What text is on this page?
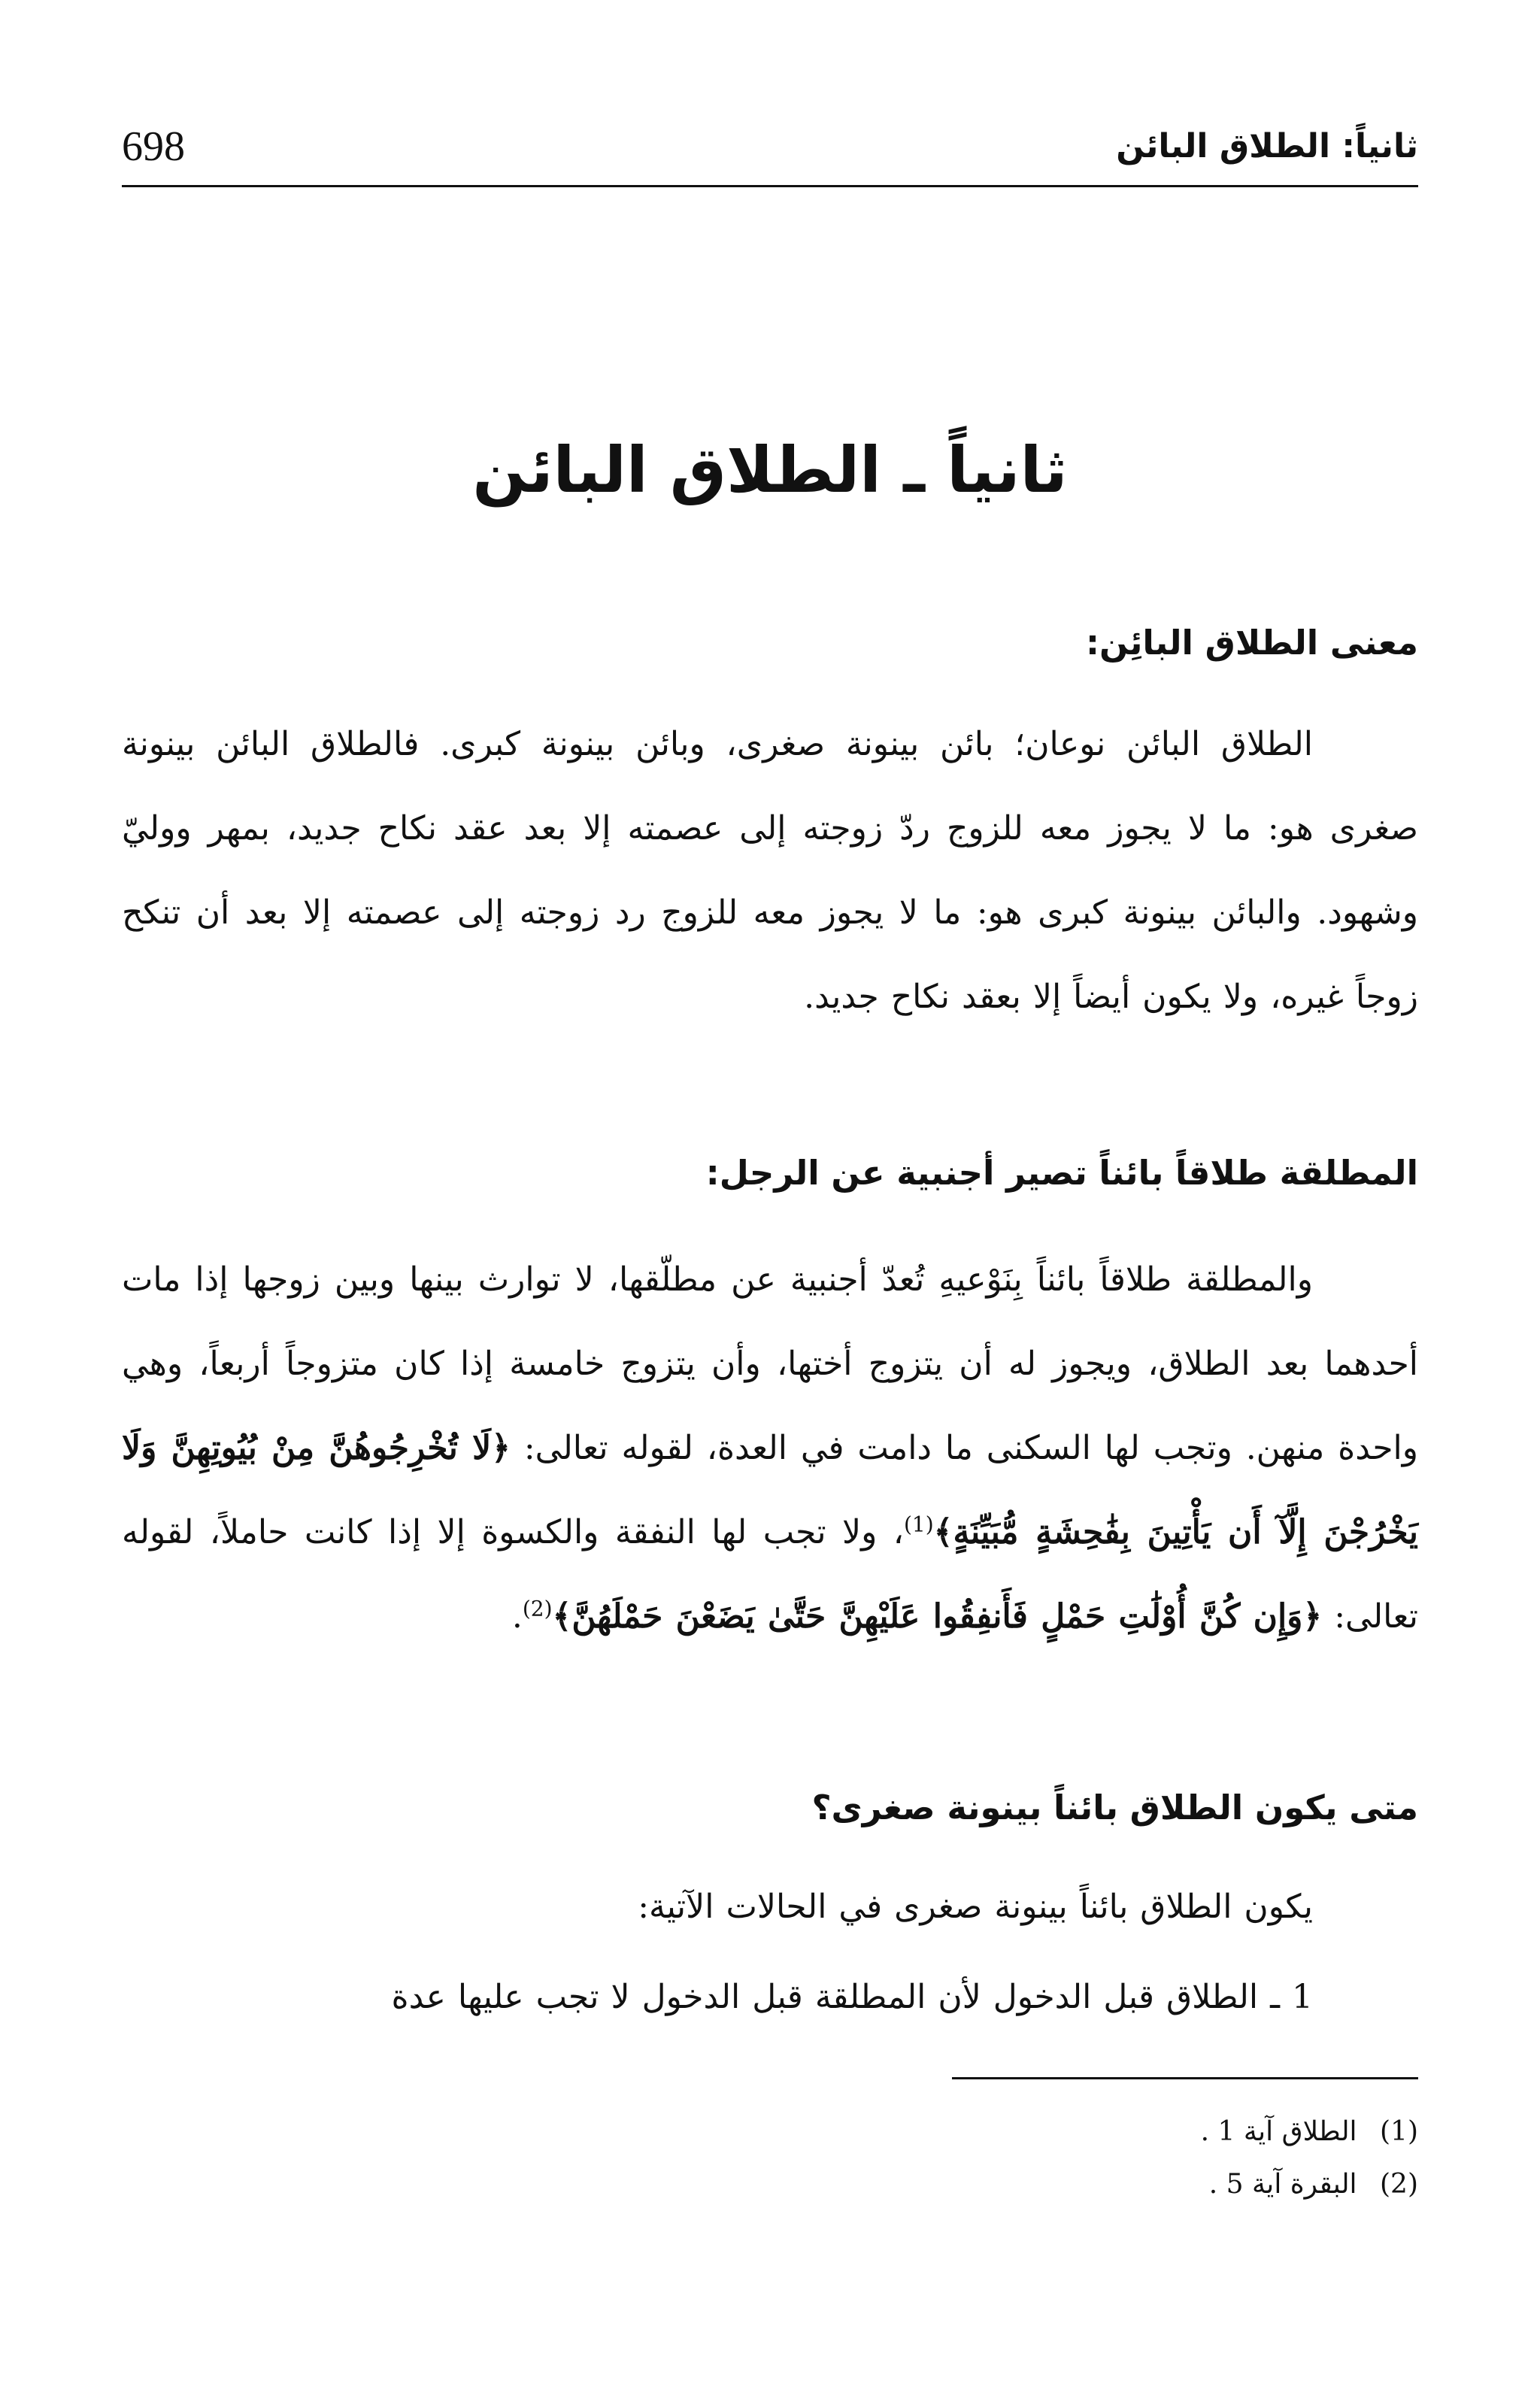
698	ثانياً: الطلاق البائن
ثانياً ـ الطلاق البائن
معنى الطلاق البائِن:
الطلاق البائن نوعان؛ بائن بينونة صغرى، وبائن بينونة كبرى. فالطلاق البائن بينونة صغرى هو: ما لا يجوز معه للزوج ردّ زوجته إلى عصمته إلا بعد عقد نكاح جديد، بمهر ووليّ وشهود. والبائن بينونة كبرى هو: ما لا يجوز معه للزوج رد زوجته إلى عصمته إلا بعد أن تنكح زوجاً غيره، ولا يكون أيضاً إلا بعقد نكاح جديد.
المطلقة طلاقاً بائناً تصير أجنبية عن الرجل:
والمطلقة طلاقاً بائناً بِنَوْعيهِ تُعدّ أجنبية عن مطلّقها، لا توارث بينها وبين زوجها إذا مات أحدهما بعد الطلاق، ويجوز له أن يتزوج أختها، وأن يتزوج خامسة إذا كان متزوجاً أربعاً، وهي واحدة منهن. وتجب لها السكنى ما دامت في العدة، لقوله تعالى: ﴿لَا تُخْرِجُوهُنَّ مِنْ بُيُوتِهِنَّ وَلَا يَخْرُجْنَ إِلَّآ أَن يَأْتِينَ بِفَٰحِشَةٍ مُّبَيِّنَةٍ﴾$^{(1)}$، ولا تجب لها النفقة والكسوة إلا إذا كانت حاملاً، لقوله تعالى: ﴿وَإِن كُنَّ أُوْلَٰتِ حَمْلٍ فَأَنفِقُوا عَلَيْهِنَّ حَتَّىٰ يَضَعْنَ حَمْلَهُنَّ﴾$^{(2)}$.
متى يكون الطلاق بائناً بينونة صغرى؟
يكون الطلاق بائناً بينونة صغرى في الحالات الآتية:
1 ـ الطلاق قبل الدخول لأن المطلقة قبل الدخول لا تجب عليها عدة
(1) الطلاق آية 1 .
(2) البقرة آية 5 .
